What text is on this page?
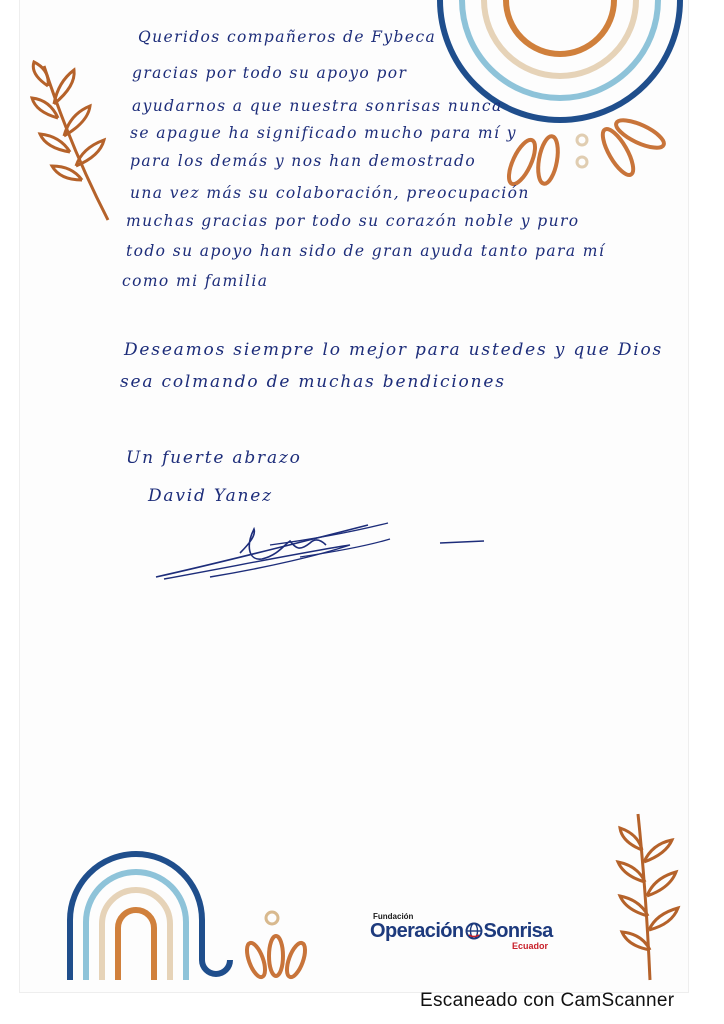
Queridos compañeros de Fybeca
gracias por todo su apoyo por
ayudarnos a que nuestra sonrisas nunca
se apague ha significado mucho para mí y
para los demás y nos han demostrado
una vez más su colaboración, preocupación
muchas gracias por todo su corazón noble y puro
todo su apoyo han sido de gran ayuda tanto para mí
como mi familia
Deseamos siempre lo mejor para ustedes y que Dios
sea colmando de muchas bendiciones
Un fuerte abrazo
David Yanez
Fundación
Operación Sonrisa
Ecuador
Escaneado con CamScanner
